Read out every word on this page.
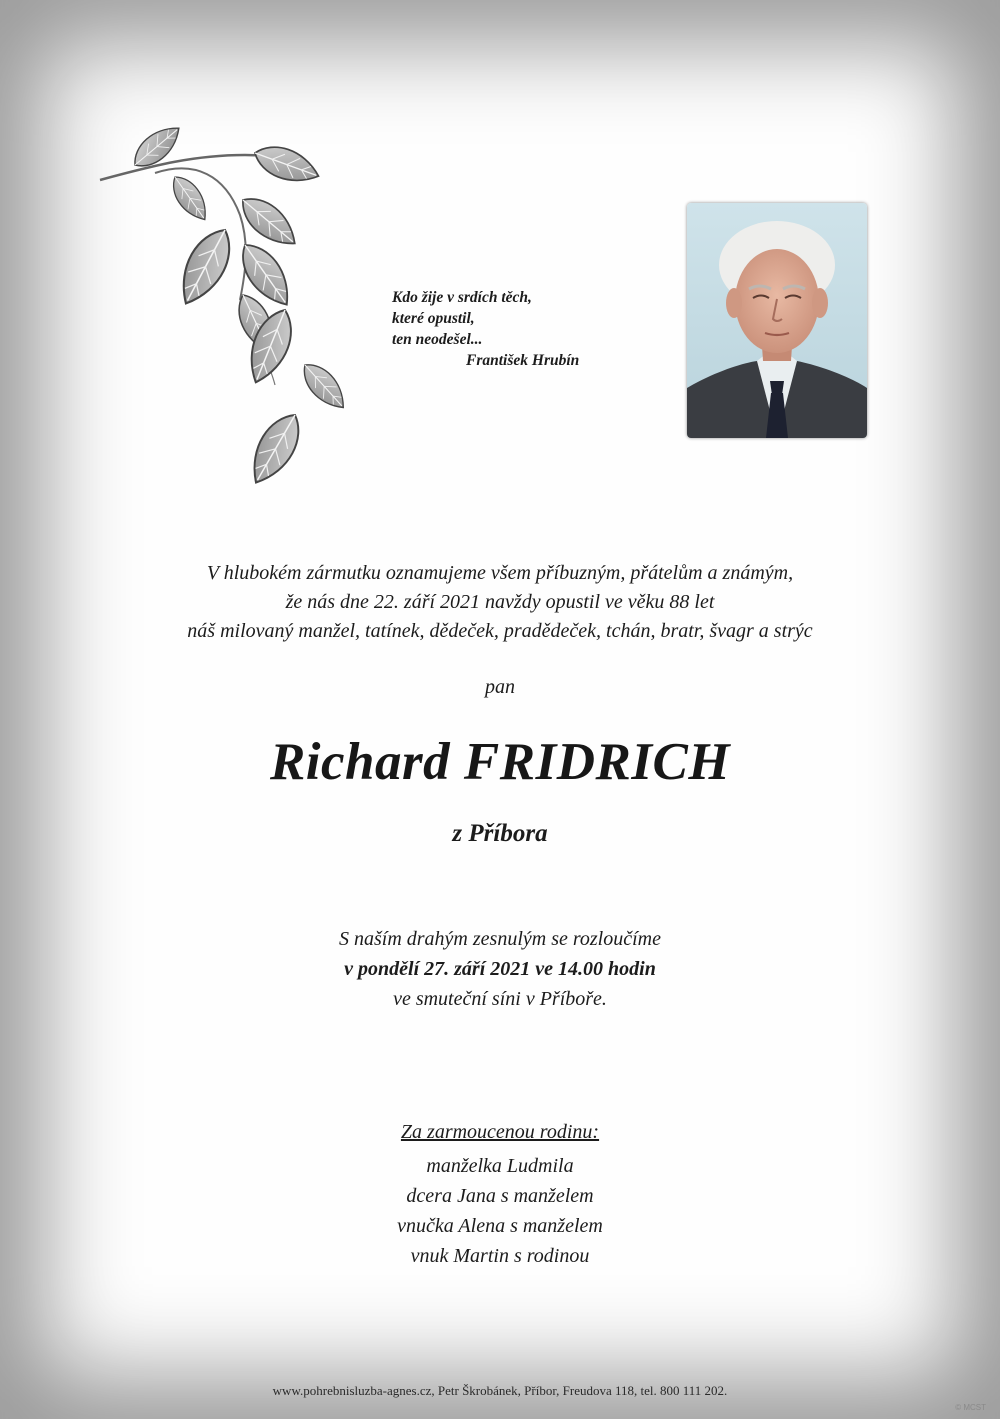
Kdo žije v srdích těch,
které opustil,
ten neodešel...
František Hrubín
V hlubokém zármutku oznamujeme všem příbuzným, přátelům a známým,
že nás dne 22. září 2021 navždy opustil ve věku 88 let
náš milovaný manžel, tatínek, dědeček, pradědeček, tchán, bratr, švagr a strýc
pan
Richard FRIDRICH
z Příbora
S naším drahým zesnulým se rozloučíme
v pondělí 27. září 2021 ve 14.00 hodin
ve smuteční síni v Příboře.
Za zarmoucenou rodinu:
manželka Ludmila
dcera Jana s manželem
vnučka Alena s manželem
vnuk Martin s rodinou
www.pohrebnisluzba-agnes.cz, Petr Škrobánek, Příbor, Freudova 118, tel. 800 111 202.
© MCST
